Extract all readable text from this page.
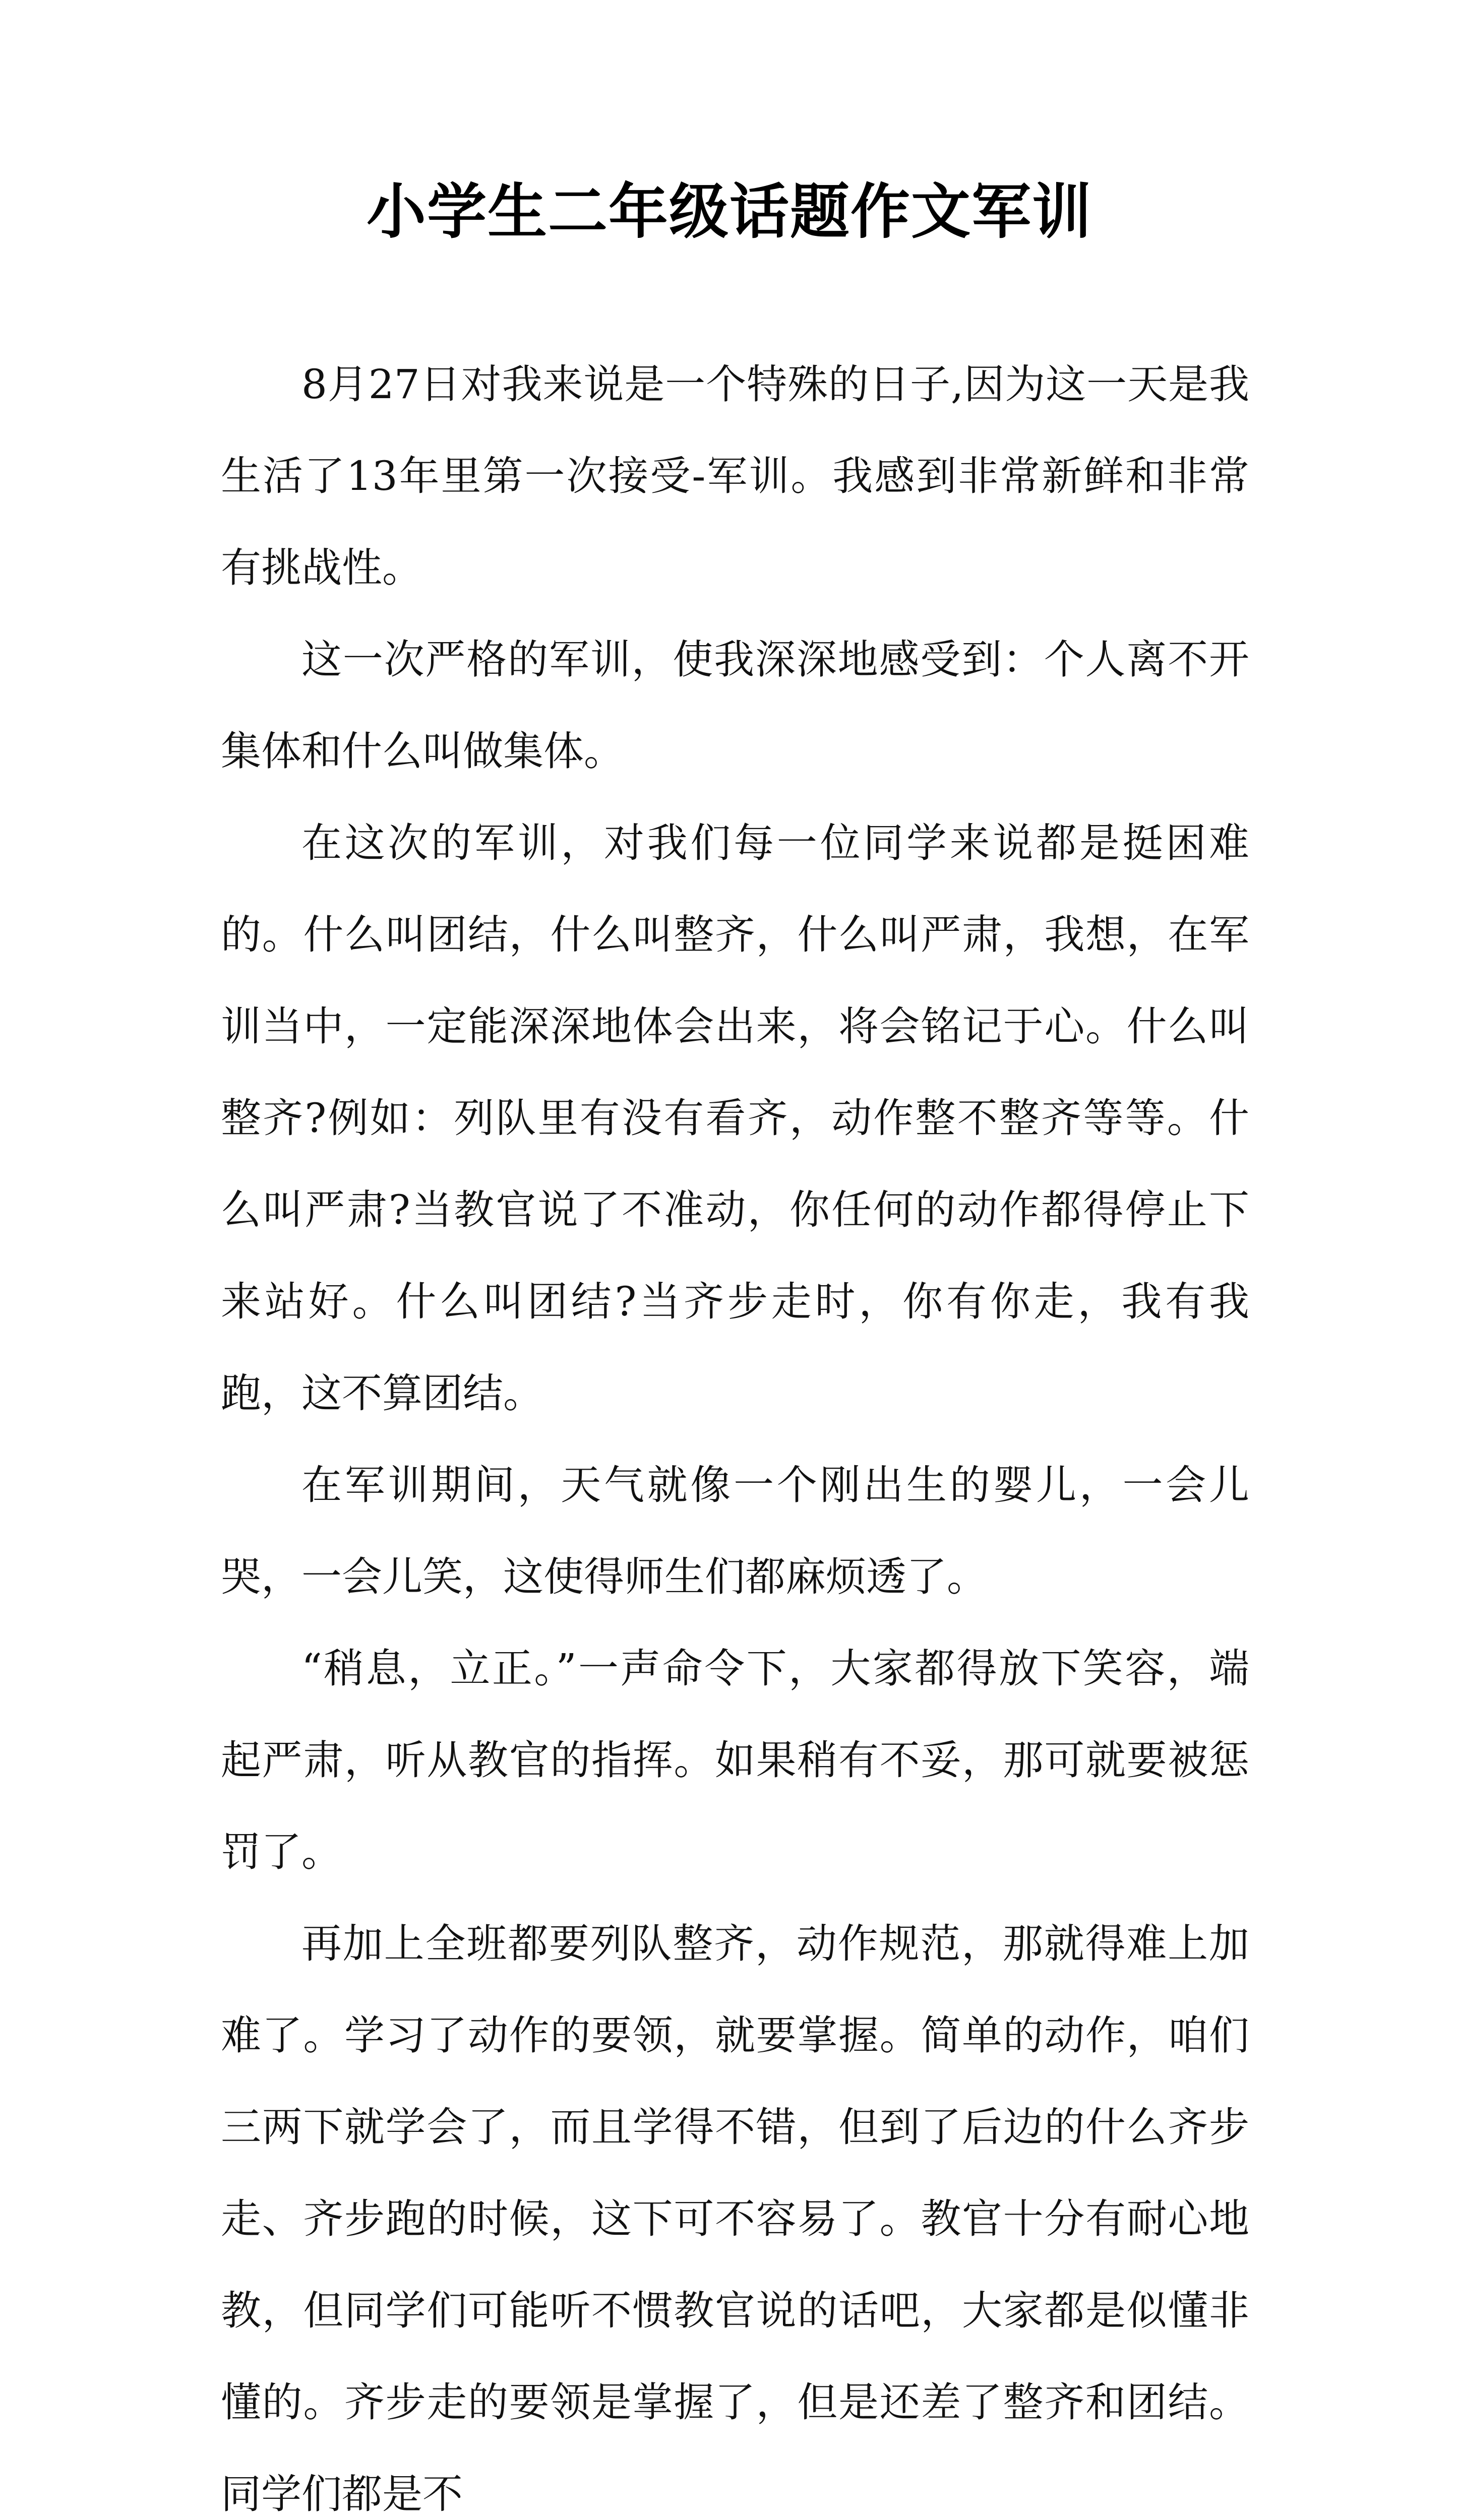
小学生二年级话题作文军训

8月27日对我来说是一个特殊的日子,因为这一天是我生活了13年里第一次接受-军训。我感到非常新鲜和非常有挑战性。

这一次严格的军训，使我深深地感受到：个人离不开集体和什么叫做集体。

在这次的军训，对我们每一位同学来说都是挺困难的。什么叫团结，什么叫整齐，什么叫严肃，我想，在军训当中，一定能深深地体会出来，将会铭记于心。什么叫整齐?例如：列队里有没有看齐，动作整不整齐等等。什么叫严肃?当教官说了不准动，你任何的动作都得停止下来站好。什么叫团结?当齐步走时，你有你走，我有我跑，这不算团结。

在军训期间，天气就像一个刚出生的婴儿，一会儿哭，一会儿笑，这使得师生们都麻烦透了。

“稍息，立正。”一声命令下，大家都得放下笑容，端起严肃，听从教官的指挥。如果稍有不妥，那可就要被惩罚了。

再加上全班都要列队整齐，动作规范，那就得难上加难了。学习了动作的要领，就要掌握。简单的动作，咱们三两下就学会了，而且学得不错，但到了后边的什么齐步走、齐步跑的时候，这下可不容易了。教官十分有耐心地教，但同学们可能听不惯教官说的话吧，大家都是似懂非懂的。齐步走的要领是掌握了，但是还差了整齐和团结。同学们都是不
